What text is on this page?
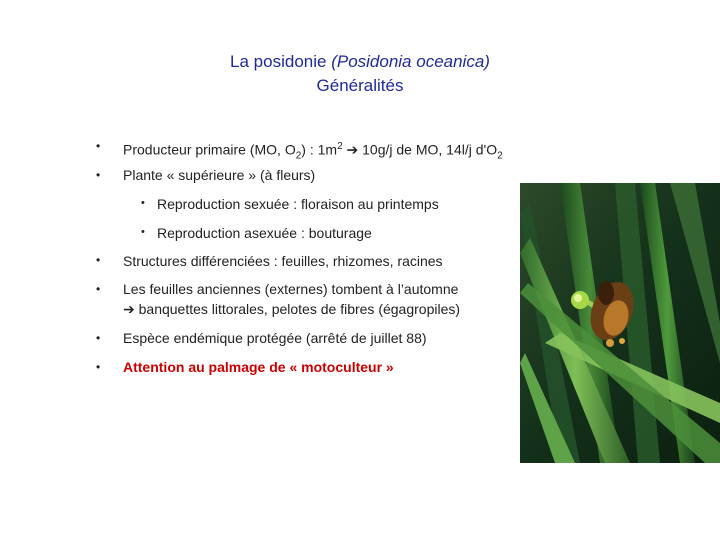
La posidonie (Posidonia oceanica)
Généralités
• Producteur primaire (MO, $O_2$) : $1m^2$ ➔ 10g/j de MO, 14l/j $d'O_2$
• Plante « supérieure » (à fleurs)
• Reproduction sexuée : floraison au printemps
• Reproduction asexuée : bouturage
• Structures différenciées : feuilles, rhizomes, racines
• Les feuilles anciennes (externes) tombent à l’automne
➔ banquettes littorales, pelotes de fibres (égagropiles)
• Espèce endémique protégée (arrêté de juillet 88)
• Attention au palmage de « motoculteur »
